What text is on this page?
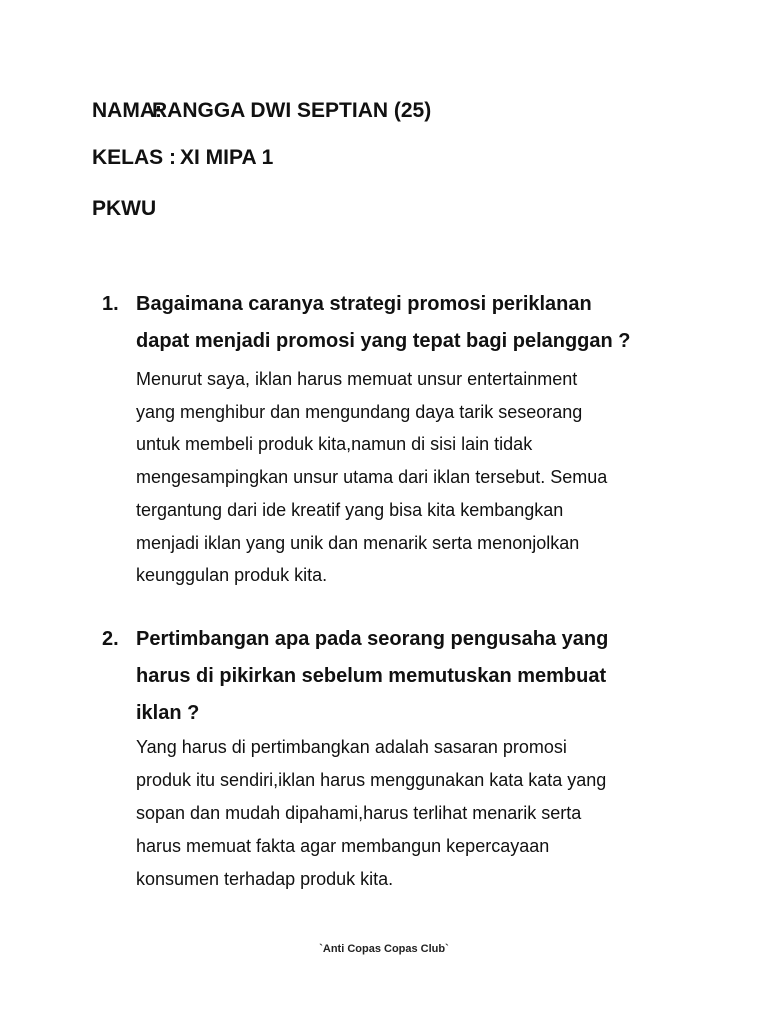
NAMA:
RANGGA DWI SEPTIAN (25)
KELAS : XI MIPA 1
PKWU
1. Bagaimana caranya strategi promosi periklanan
dapat menjadi promosi yang tepat bagi pelanggan ?
Menurut saya, iklan harus memuat unsur entertainment
yang menghibur dan mengundang daya tarik seseorang
untuk membeli produk kita,namun di sisi lain tidak
mengesampingkan unsur utama dari iklan tersebut. Semua
tergantung dari ide kreatif yang bisa kita kembangkan
menjadi iklan yang unik dan menarik serta menonjolkan
keunggulan produk kita.
2. Pertimbangan apa pada seorang pengusaha yang
harus di pikirkan sebelum memutuskan membuat
iklan ?
Yang harus di pertimbangkan adalah sasaran promosi
produk itu sendiri,iklan harus menggunakan kata kata yang
sopan dan mudah dipahami,harus terlihat menarik serta
harus memuat fakta agar membangun kepercayaan
konsumen terhadap produk kita.
`Anti Copas Copas Club`
